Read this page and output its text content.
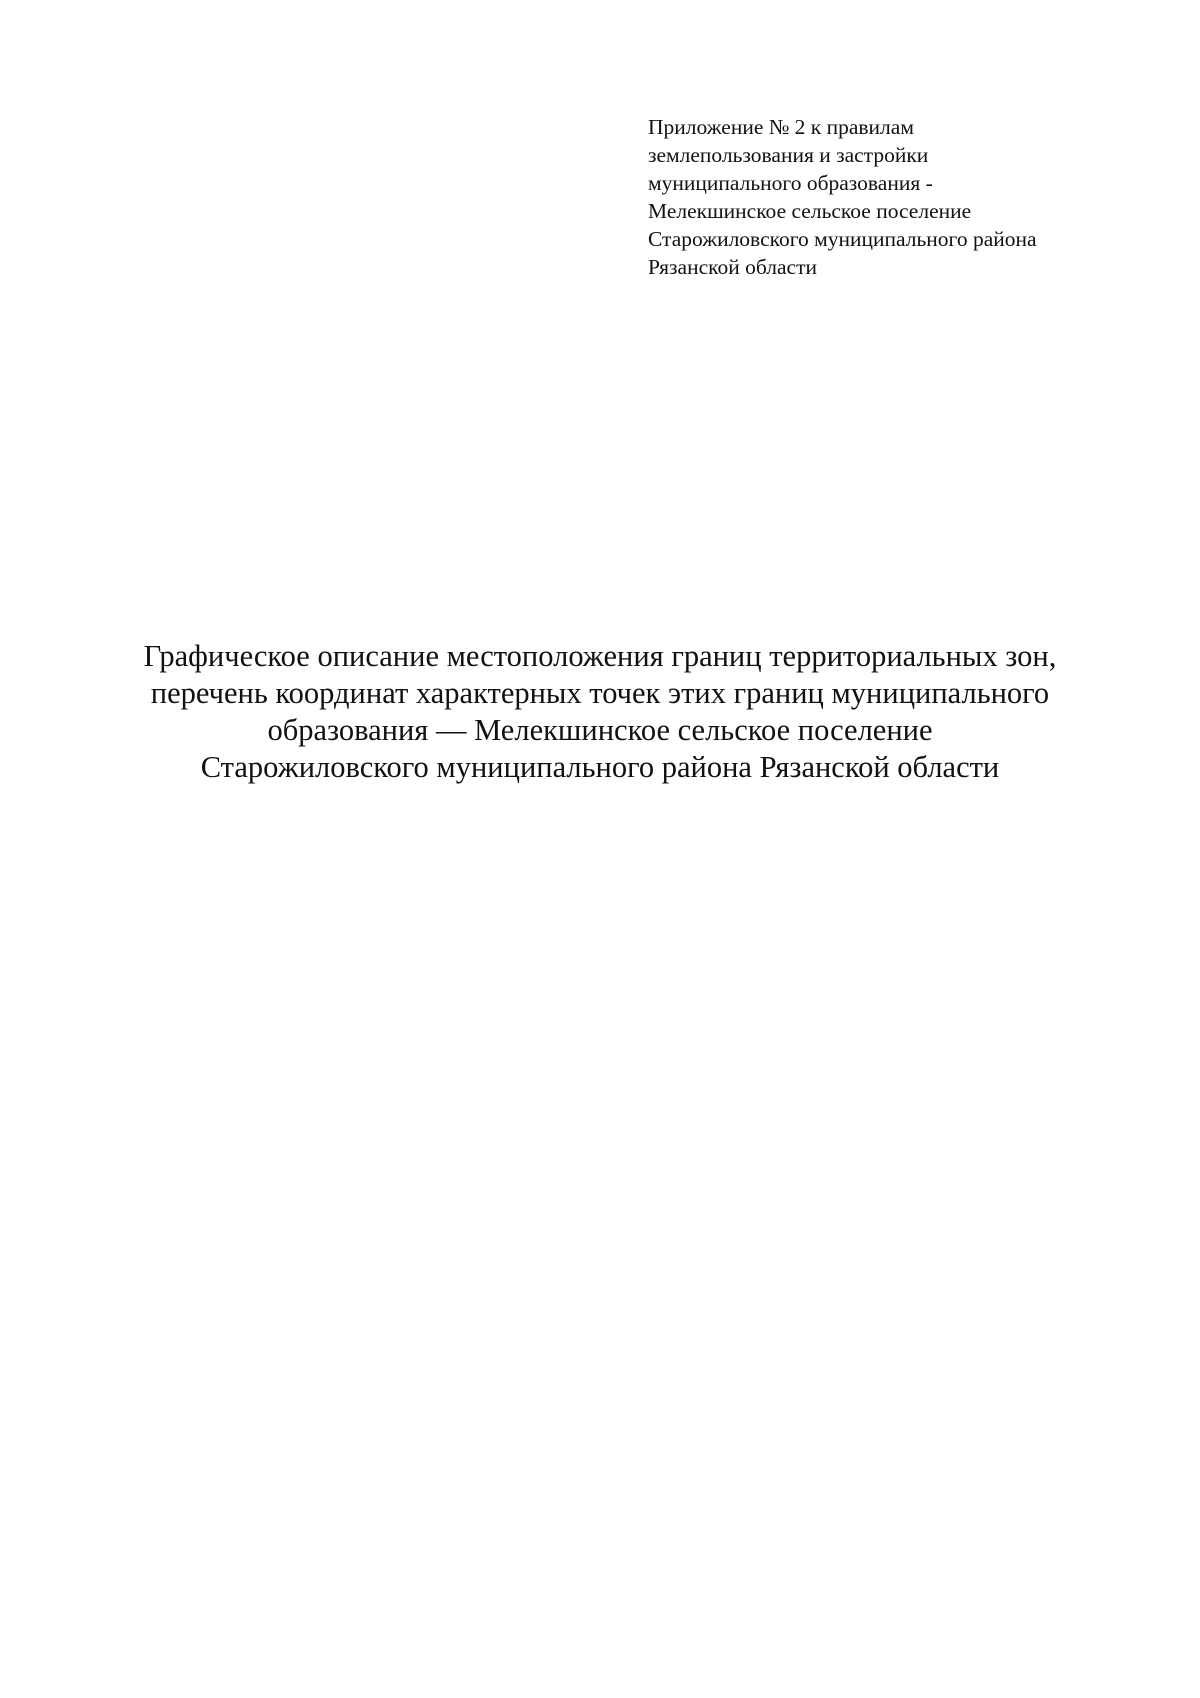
Приложение № 2 к правилам
землепользования и застройки
муниципального образования -
Мелекшинское сельское поселение
Старожиловского муниципального района
Рязанской области
Графическое описание местоположения границ территориальных зон,
перечень координат характерных точек этих границ муниципального
образования — Мелекшинское сельское поселение
Старожиловского муниципального района Рязанской области
